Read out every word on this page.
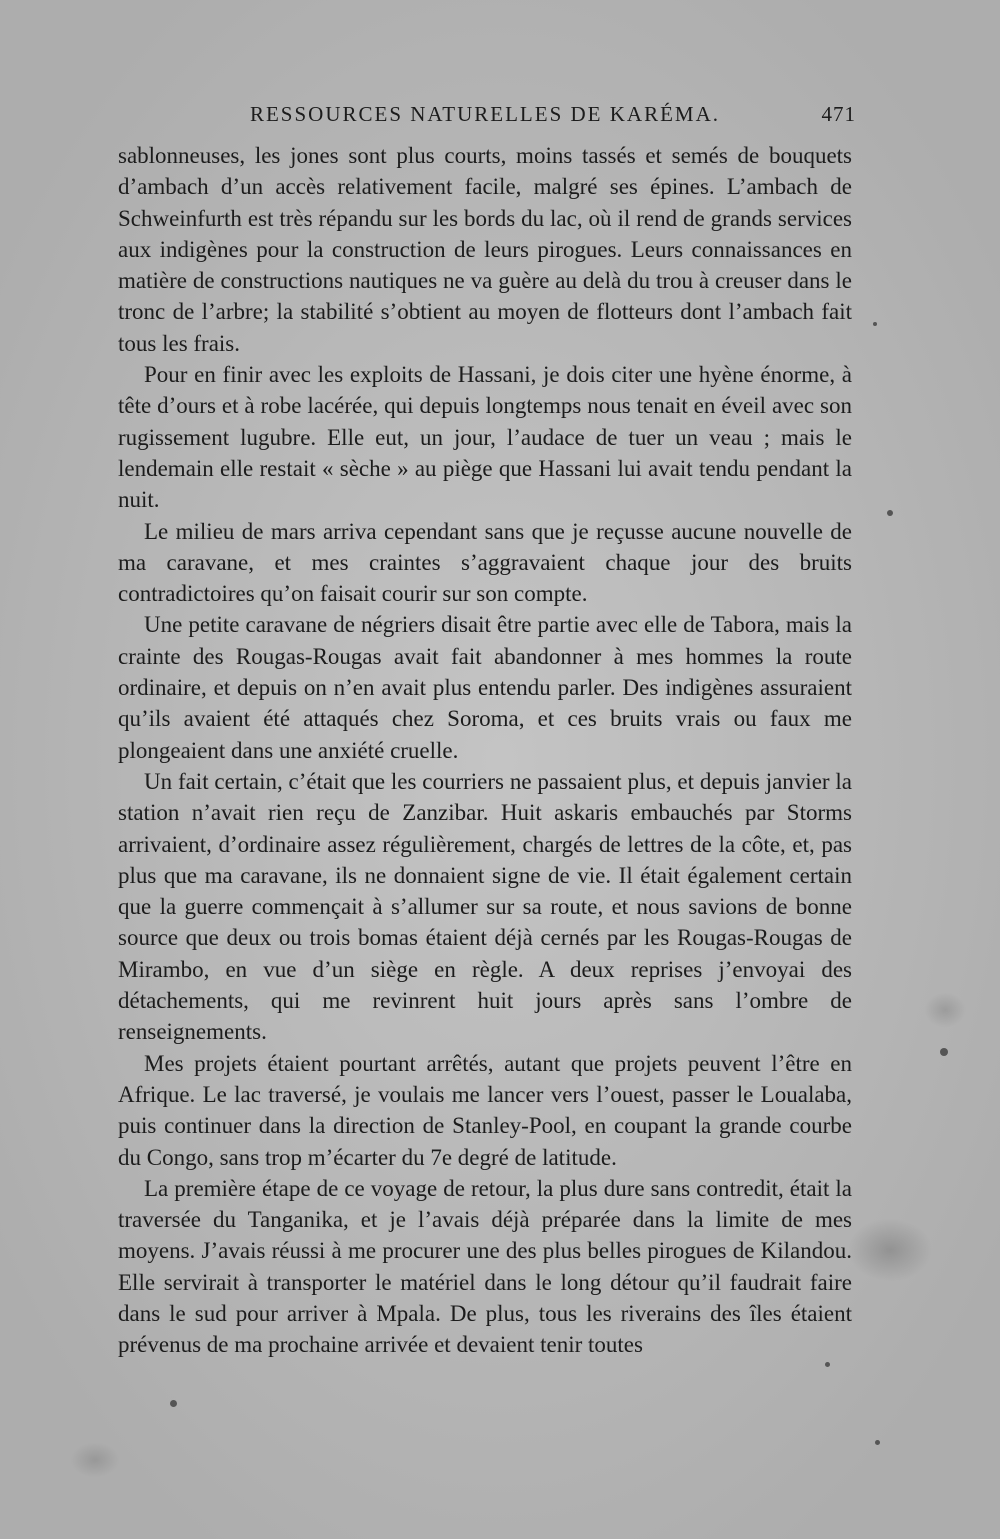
RESSOURCES NATURELLES DE KARÉMA.	471

sablonneuses, les jones sont plus courts, moins tassés et semés de bouquets d’ambach d’un accès relativement facile, malgré ses épines. L’ambach de Schweinfurth est très répandu sur les bords du lac, où il rend de grands services aux indigènes pour la construction de leurs pirogues. Leurs connaissances en matière de constructions nautiques ne va guère au delà du trou à creuser dans le tronc de l’arbre; la stabilité s’obtient au moyen de flotteurs dont l’ambach fait tous les frais.

Pour en finir avec les exploits de Hassani, je dois citer une hyène énorme, à tête d’ours et à robe lacérée, qui depuis longtemps nous tenait en éveil avec son rugissement lugubre. Elle eut, un jour, l’audace de tuer un veau ; mais le lendemain elle restait « sèche » au piège que Hassani lui avait tendu pendant la nuit.

Le milieu de mars arriva cependant sans que je reçusse aucune nouvelle de ma caravane, et mes craintes s’aggravaient chaque jour des bruits contradictoires qu’on faisait courir sur son compte.

Une petite caravane de négriers disait être partie avec elle de Tabora, mais la crainte des Rougas-Rougas avait fait abandonner à mes hommes la route ordinaire, et depuis on n’en avait plus entendu parler. Des indigènes assuraient qu’ils avaient été attaqués chez Soroma, et ces bruits vrais ou faux me plongeaient dans une anxiété cruelle.

Un fait certain, c’était que les courriers ne passaient plus, et depuis janvier la station n’avait rien reçu de Zanzibar. Huit askaris embauchés par Storms arrivaient, d’ordinaire assez régulièrement, chargés de lettres de la côte, et, pas plus que ma caravane, ils ne donnaient signe de vie. Il était également certain que la guerre commençait à s’allumer sur sa route, et nous savions de bonne source que deux ou trois bomas étaient déjà cernés par les Rougas-Rougas de Mirambo, en vue d’un siège en règle. A deux reprises j’envoyai des détachements, qui me revinrent huit jours après sans l’ombre de renseignements.

Mes projets étaient pourtant arrêtés, autant que projets peuvent l’être en Afrique. Le lac traversé, je voulais me lancer vers l’ouest, passer le Loualaba, puis continuer dans la direction de Stanley-Pool, en coupant la grande courbe du Congo, sans trop m’écarter du 7e degré de latitude.

La première étape de ce voyage de retour, la plus dure sans contredit, était la traversée du Tanganika, et je l’avais déjà préparée dans la limite de mes moyens. J’avais réussi à me procurer une des plus belles pirogues de Kilandou. Elle servirait à transporter le matériel dans le long détour qu’il faudrait faire dans le sud pour arriver à Mpala. De plus, tous les riverains des îles étaient prévenus de ma prochaine arrivée et devaient tenir toutes
